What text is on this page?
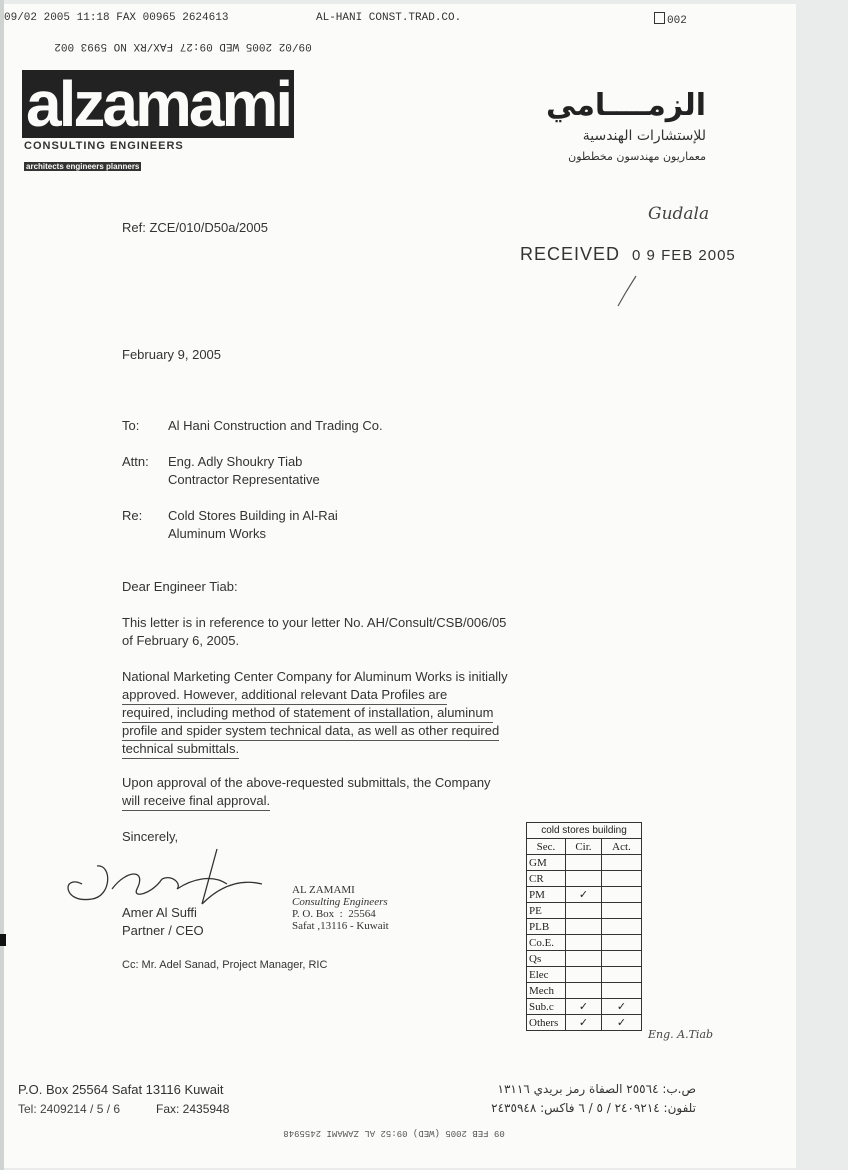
09/02 2005 11:18 FAX 00965 2624613	AL-HANI CONST.TRAD.CO.	002
09/02 2005 WED 09:27 FAX/RX NO 5993 002
alzamami
CONSULTING ENGINEERS
architects engineers planners
الزمــــامي
للإستشارات الهندسية
معماريون مهندسون مخططون
Ref: ZCE/010/D50a/2005
Gudala
RECEIVED 0 9 FEB 2005
February 9, 2005
To: Al Hani Construction and Trading Co.
Attn: Eng. Adly Shoukry Tiab
Contractor Representative
Re: Cold Stores Building in Al-Rai
Aluminum Works
Dear Engineer Tiab:
This letter is in reference to your letter No. AH/Consult/CSB/006/05
of February 6, 2005.
National Marketing Center Company for Aluminum Works is initially
approved. However, additional relevant Data Profiles are
required, including method of statement of installation, aluminum
profile and spider system technical data, as well as other required
technical submittals.
Upon approval of the above-requested submittals, the Company
will receive final approval.
Sincerely,
Amer Al Suffi
Partner / CEO
AL ZAMAMI
Consulting Engineers
P. O. Box  :  25564
Safat ,13116 - Kuwait
Cc: Mr. Adel Sanad, Project Manager, RIC
cold stores building		
Sec.	Cir.	Act.
GM		
CR		
PM	✓	
PE		
PLB		
Co.E.		
Qs		
Elec		
Mech		
Sub.c	✓	✓
Others	✓	✓
Eng. A.Tiab
P.O. Box 25564 Safat 13116 Kuwait
Tel: 2409214 / 5 / 6	Fax: 2435948
ص.ب: ٢٥٥٦٤ الصفاة رمز بريدي ١٣١١٦
تلفون: ٢٤٠٩٢١٤ / ٥ / ٦ فاكس: ٢٤٣٥٩٤٨
09 FEB 2005 (WED) 09:52 AL ZAMAMI 2455948
